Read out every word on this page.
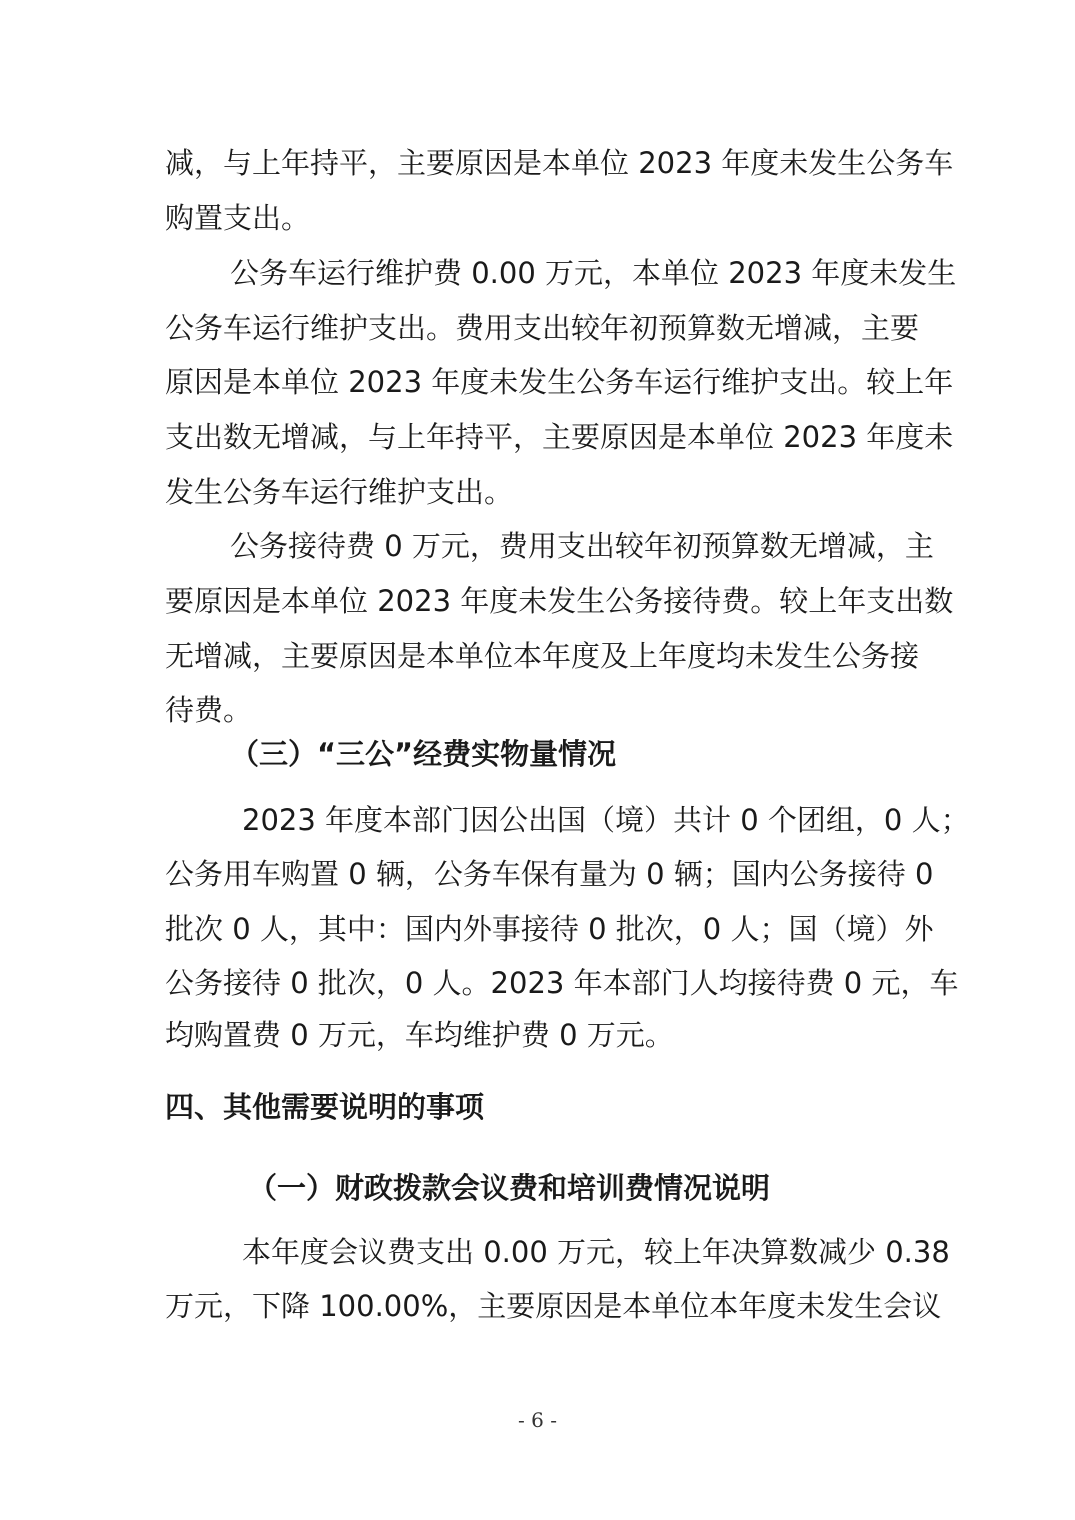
减，与上年持平，主要原因是本单位 2023 年度未发生公务车
购置支出。
公务车运行维护费 0.00 万元，本单位 2023 年度未发生
公务车运行维护支出。费用支出较年初预算数无增减，主要
原因是本单位 2023 年度未发生公务车运行维护支出。较上年
支出数无增减，与上年持平，主要原因是本单位 2023 年度未
发生公务车运行维护支出。
公务接待费 0 万元，费用支出较年初预算数无增减，主
要原因是本单位 2023 年度未发生公务接待费。较上年支出数
无增减，主要原因是本单位本年度及上年度均未发生公务接
待费。
（三）“三公”经费实物量情况
2023 年度本部门因公出国（境）共计 0 个团组，0 人；
公务用车购置 0 辆，公务车保有量为 0 辆；国内公务接待 0
批次 0 人，其中：国内外事接待 0 批次，0 人；国（境）外
公务接待 0 批次，0 人。2023 年本部门人均接待费 0 元，车
均购置费 0 万元，车均维护费 0 万元。
四、其他需要说明的事项
（一）财政拨款会议费和培训费情况说明
本年度会议费支出 0.00 万元，较上年决算数减少 0.38
万元，下降 100.00%，主要原因是本单位本年度未发生会议
- 6 -
